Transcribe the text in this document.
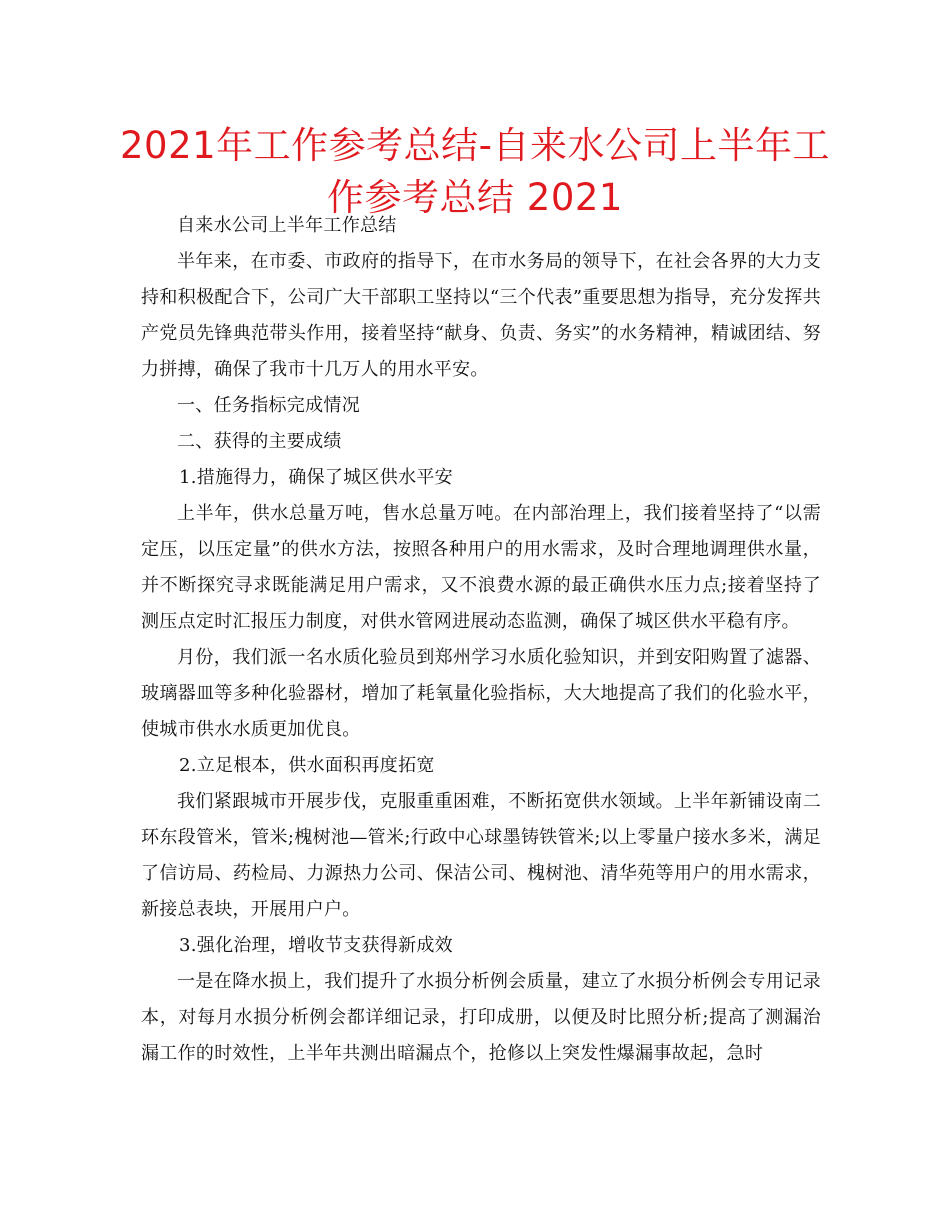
2021年工作参考总结-自来水公司上半年工作参考总结 2021

自来水公司上半年工作总结

半年来，在市委、市政府的指导下，在市水务局的领导下，在社会各界的大力支持和积极配合下，公司广大干部职工坚持以“三个代表”重要思想为指导，充分发挥共产党员先锋典范带头作用，接着坚持“献身、负责、务实”的水务精神，精诚团结、努力拼搏，确保了我市十几万人的用水平安。

一、任务指标完成情况

二、获得的主要成绩

1.措施得力，确保了城区供水平安

上半年，供水总量万吨，售水总量万吨。在内部治理上，我们接着坚持了“以需定压，以压定量”的供水方法，按照各种用户的用水需求，及时合理地调理供水量，并不断探究寻求既能满足用户需求，又不浪费水源的最正确供水压力点;接着坚持了测压点定时汇报压力制度，对供水管网进展动态监测，确保了城区供水平稳有序。

月份，我们派一名水质化验员到郑州学习水质化验知识，并到安阳购置了滤器、玻璃器皿等多种化验器材，增加了耗氧量化验指标，大大地提高了我们的化验水平，使城市供水水质更加优良。

2.立足根本，供水面积再度拓宽

我们紧跟城市开展步伐，克服重重困难，不断拓宽供水领域。上半年新铺设南二环东段管米，管米;槐树池—管米;行政中心球墨铸铁管米;以上零量户接水多米，满足了信访局、药检局、力源热力公司、保洁公司、槐树池、清华苑等用户的用水需求，新接总表块，开展用户户。

3.强化治理，增收节支获得新成效

一是在降水损上，我们提升了水损分析例会质量，建立了水损分析例会专用记录本，对每月水损分析例会都详细记录，打印成册，以便及时比照分析;提高了测漏治漏工作的时效性，上半年共测出暗漏点个，抢修以上突发性爆漏事故起，急时
